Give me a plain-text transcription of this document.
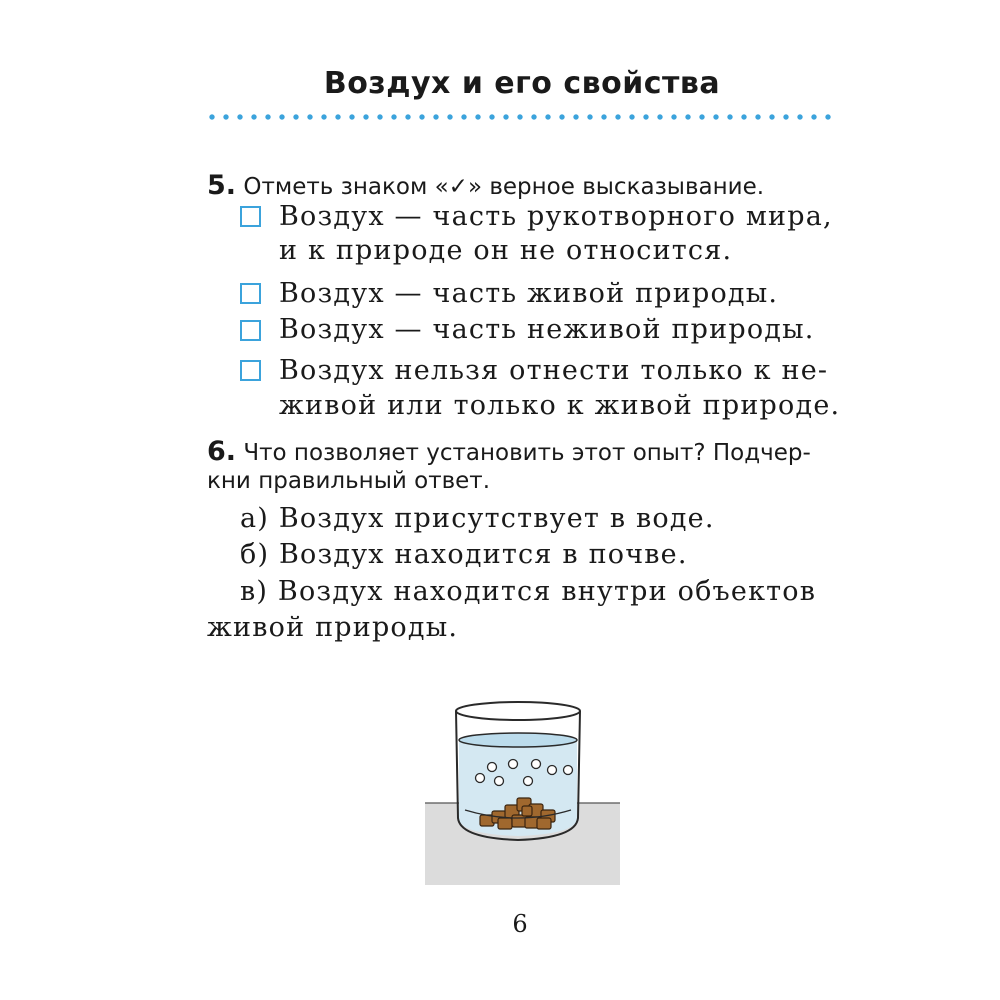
Воздух и его свойства
5. Отметь знаком «✓» верное высказывание.
Воздух — часть рукотворного мира,
и к природе он не относится.
Воздух — часть живой природы.
Воздух — часть неживой природы.
Воздух нельзя отнести только к не-
живой или только к живой природе.
6. Что позволяет установить этот опыт? Подчер-
кни правильный ответ.
а) Воздух присутствует в воде.
б) Воздух находится в почве.
в) Воздух находится внутри объектов
живой природы.
6
